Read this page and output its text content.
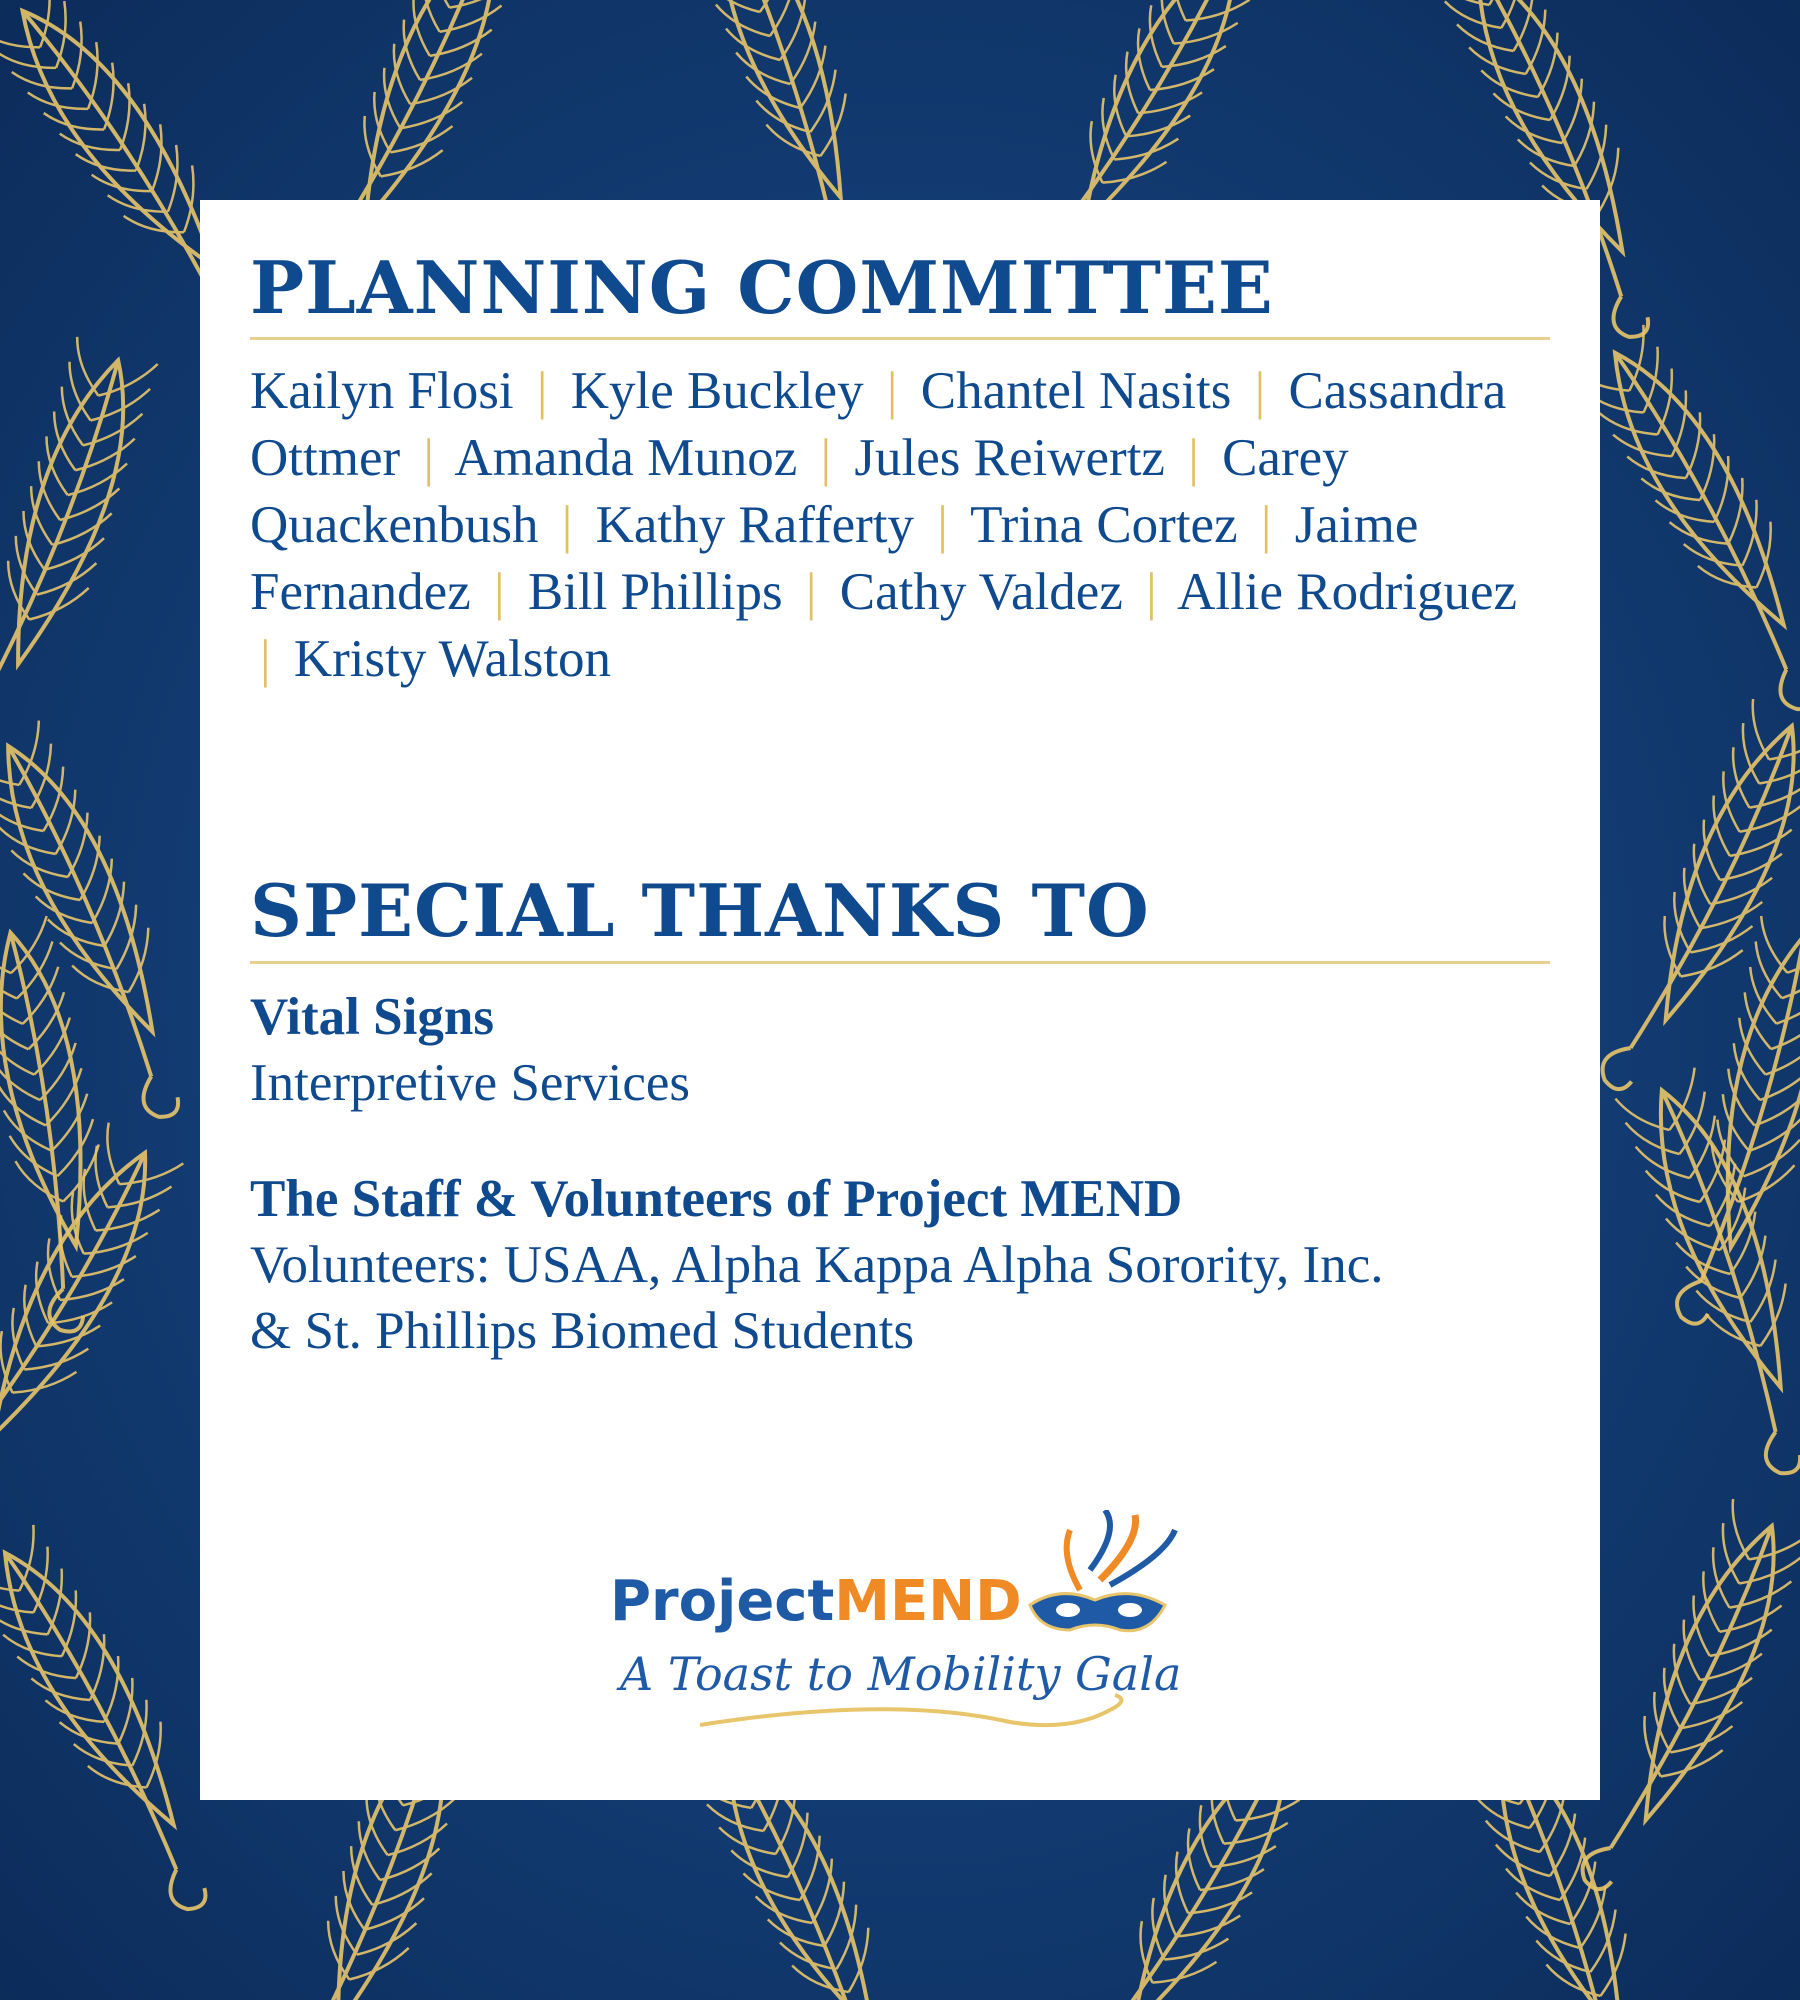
PLANNING COMMITTEE
Kailyn Flosi | Kyle Buckley | Chantel Nasits | Cassandra Ottmer | Amanda Munoz | Jules Reiwertz | Carey Quackenbush | Kathy Rafferty | Trina Cortez | Jaime Fernandez | Bill Phillips | Cathy Valdez | Allie Rodriguez | Kristy Walston
SPECIAL THANKS TO
Vital Signs
Interpretive Services
The Staff & Volunteers of Project MEND
Volunteers: USAA, Alpha Kappa Alpha Sorority, Inc.
& St. Phillips Biomed Students
ProjectMEND
A Toast to Mobility Gala
